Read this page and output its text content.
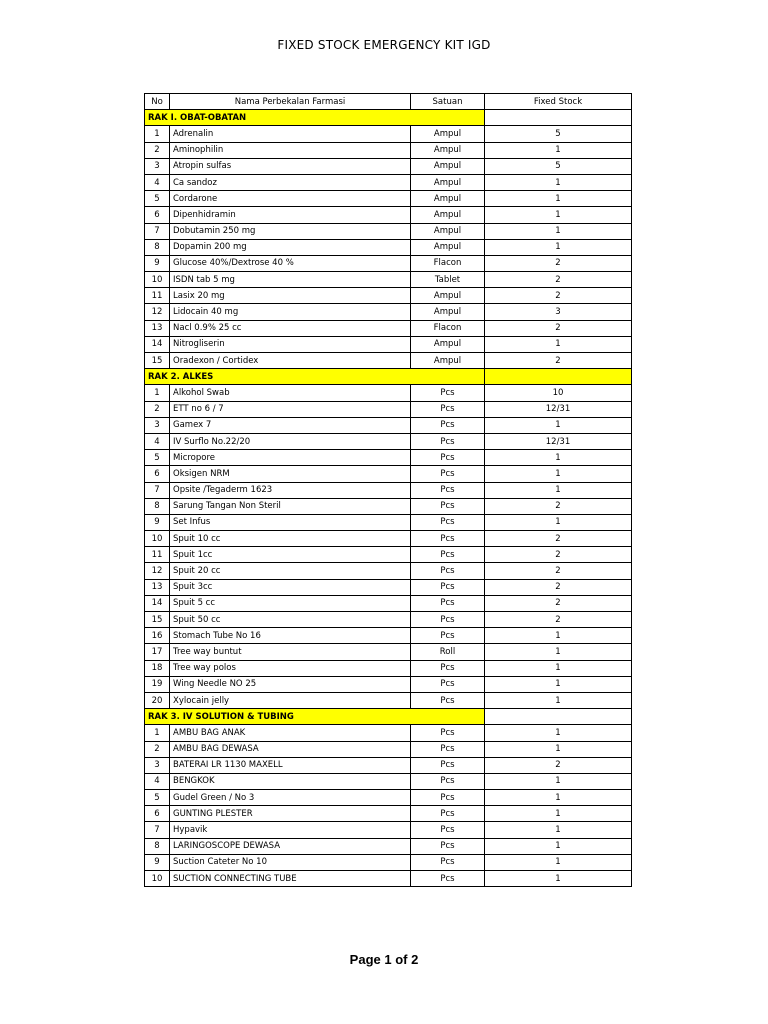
FIXED STOCK EMERGENCY KIT IGD
No	Nama Perbekalan Farmasi	Satuan	Fixed Stock
RAK I. OBAT-OBATAN			
1	Adrenalin	Ampul	5
2	Aminophilin	Ampul	1
3	Atropin sulfas	Ampul	5
4	Ca sandoz	Ampul	1
5	Cordarone	Ampul	1
6	Dipenhidramin	Ampul	1
7	Dobutamin 250 mg	Ampul	1
8	Dopamin 200 mg	Ampul	1
9	Glucose 40%/Dextrose 40 %	Flacon	2
10	ISDN tab 5 mg	Tablet	2
11	Lasix 20 mg	Ampul	2
12	Lidocain 40 mg	Ampul	3
13	Nacl 0.9% 25 cc	Flacon	2
14	Nitrogliserin	Ampul	1
15	Oradexon / Cortidex	Ampul	2
RAK 2. ALKES			
1	Alkohol Swab	Pcs	10
2	ETT no 6 / 7	Pcs	12/31
3	Gamex 7	Pcs	1
4	IV Surflo No.22/20	Pcs	12/31
5	Micropore	Pcs	1
6	Oksigen NRM	Pcs	1
7	Opsite /Tegaderm 1623	Pcs	1
8	Sarung Tangan Non Steril	Pcs	2
9	Set Infus	Pcs	1
10	Spuit 10 cc	Pcs	2
11	Spuit 1cc	Pcs	2
12	Spuit 20 cc	Pcs	2
13	Spuit 3cc	Pcs	2
14	Spuit 5 cc	Pcs	2
15	Spuit 50 cc	Pcs	2
16	Stomach Tube No 16	Pcs	1
17	Tree way buntut	Roll	1
18	Tree way polos	Pcs	1
19	Wing Needle NO 25	Pcs	1
20	Xylocain jelly	Pcs	1
RAK 3. IV SOLUTION & TUBING			
1	AMBU BAG ANAK	Pcs	1
2	AMBU BAG DEWASA	Pcs	1
3	BATERAI LR 1130 MAXELL	Pcs	2
4	BENGKOK	Pcs	1
5	Gudel Green / No 3	Pcs	1
6	GUNTING PLESTER	Pcs	1
7	Hypavik	Pcs	1
8	LARINGOSCOPE DEWASA	Pcs	1
9	Suction Cateter No 10	Pcs	1
10	SUCTION CONNECTING TUBE	Pcs	1
Page 1 of 2
